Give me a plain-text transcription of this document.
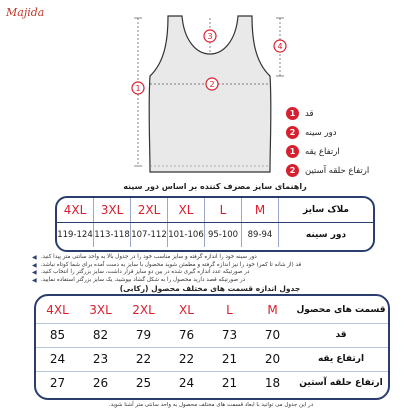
Majida
1	2
3
4
1	قد
2	دور سینه
1	ارتفاع یقه
2	ارتفاع حلقه آستین
راهنمای سایز مصرف کننده بر اساس دور سینه
4XL	3XL	2XL	XL	L	M	ملاک سایز
119-124 113-118 107-112 101-106 95-100	89-94	دور سینه
◀ دور سینه خود را اندازه گرفته و سایز مناسب خود را در جدول بالا به واحد سانتی متر پیدا کنید.
◀ قد (از شانه تا کمر) خود را نیز اندازه گرفته و مطمئن شوید محصول با سایز به دست آمده برای شما کوتاه نباشد.
◀ در صورتیکه عدد اندازه گیری شده در بین دو سایز قرار داشت، سایز بزرگتر را انتخاب کنید.
◀ در صورتیکه قصد دارید محصول را به شکل گشاد بپوشید، یک سایز بزرگتر استفاده نمایید.
جدول اندازه قسمت های مختلف محصول (رکابی)
4XL	3XL	2XL	XL	L	M	قسمت های محصول
85	82	79	76	73	70	قد
24	23	22	22	21	20	ارتفاع یقه
27	26	25	24	21	18	ارتفاع حلقه آستین
در این جدول می توانید با ابعاد قسمت های مختلف محصول به واحد سانتی متر آشنا شوید.
